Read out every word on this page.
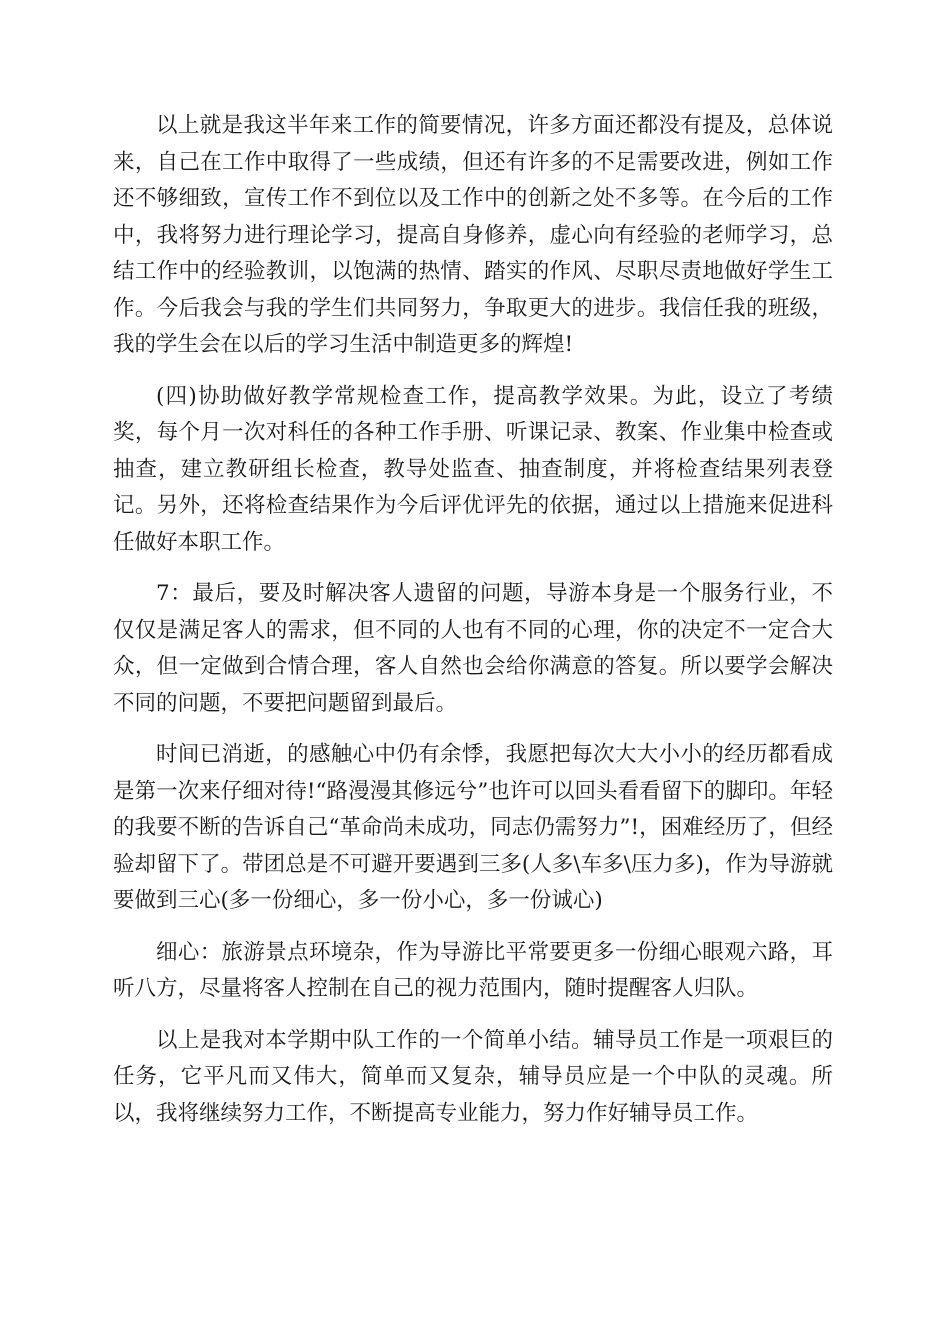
以上就是我这半年来工作的简要情况，许多方面还都没有提及，总体说来，自己在工作中取得了一些成绩，但还有许多的不足需要改进，例如工作还不够细致，宣传工作不到位以及工作中的创新之处不多等。在今后的工作中，我将努力进行理论学习，提高自身修养，虚心向有经验的老师学习，总结工作中的经验教训，以饱满的热情、踏实的作风、尽职尽责地做好学生工作。今后我会与我的学生们共同努力，争取更大的进步。我信任我的班级，我的学生会在以后的学习生活中制造更多的辉煌!

(四)协助做好教学常规检查工作，提高教学效果。为此，设立了考绩奖，每个月一次对科任的各种工作手册、听课记录、教案、作业集中检查或抽查，建立教研组长检查，教导处监查、抽查制度，并将检查结果列表登记。另外，还将检查结果作为今后评优评先的依据，通过以上措施来促进科任做好本职工作。

7：最后，要及时解决客人遗留的问题，导游本身是一个服务行业，不仅仅是满足客人的需求，但不同的人也有不同的心理，你的决定不一定合大众，但一定做到合情合理，客人自然也会给你满意的答复。所以要学会解决不同的问题，不要把问题留到最后。

时间已消逝，的感触心中仍有余悸，我愿把每次大大小小的经历都看成是第一次来仔细对待!“路漫漫其修远兮”也许可以回头看看留下的脚印。年轻的我要不断的告诉自己“革命尚未成功，同志仍需努力”!，困难经历了，但经验却留下了。带团总是不可避开要遇到三多(人多\车多\压力多)，作为导游就要做到三心(多一份细心，多一份小心，多一份诚心)

细心：旅游景点环境杂，作为导游比平常要更多一份细心眼观六路，耳听八方，尽量将客人控制在自己的视力范围内，随时提醒客人归队。

以上是我对本学期中队工作的一个简单小结。辅导员工作是一项艰巨的任务，它平凡而又伟大，简单而又复杂，辅导员应是一个中队的灵魂。所以，我将继续努力工作，不断提高专业能力，努力作好辅导员工作。
